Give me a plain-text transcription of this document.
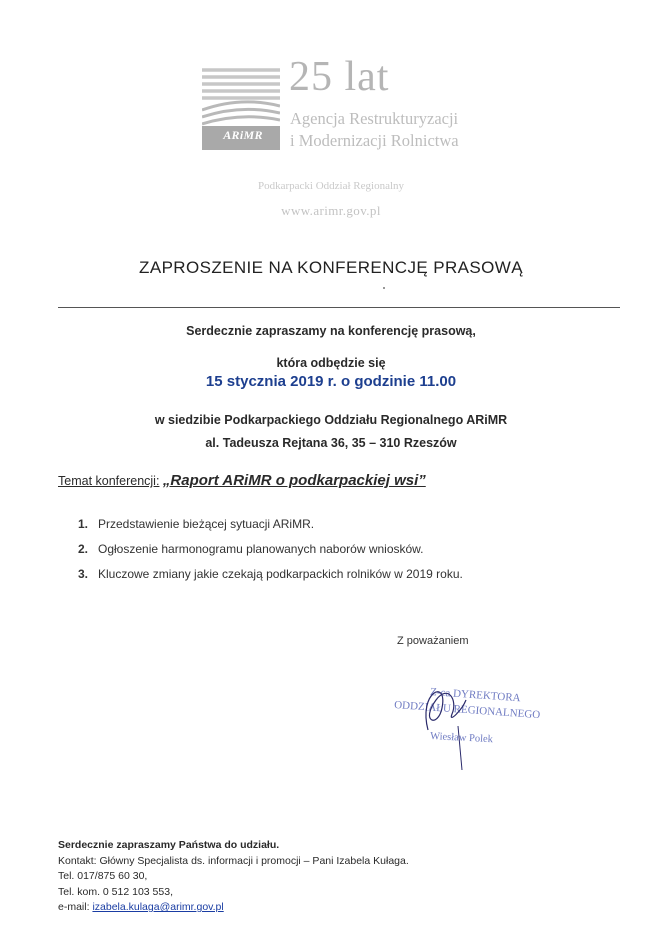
ARiMR
25 lat
Agencja Restrukturyzacji
i Modernizacji Rolnictwa
Podkarpacki Oddział Regionalny
www.arimr.gov.pl
ZAPROSZENIE NA KONFERENCJĘ PRASOWĄ
Serdecznie zapraszamy na konferencję prasową,
która odbędzie się
15 stycznia 2019 r. o godzinie 11.00
w siedzibie Podkarpackiego Oddziału Regionalnego ARiMR
al. Tadeusza Rejtana 36, 35 – 310 Rzeszów
Temat konferencji: „Raport ARiMR o podkarpackiej wsi”
1. Przedstawienie bieżącej sytuacji ARiMR.
2. Ogłoszenie harmonogramu planowanych naborów wniosków.
3. Kluczowe zmiany jakie czekają podkarpackich rolników w 2019 roku.
Z poważaniem
Z-ca DYREKTORA
ODDZIAŁU REGIONALNEGO
Wiesław Polek
Serdecznie zapraszamy Państwa do udziału.
Kontakt: Główny Specjalista ds. informacji i promocji – Pani Izabela Kułaga.
Tel. 017/875 60 30,
Tel. kom. 0 512 103 553,
e-mail: izabela.kulaga@arimr.gov.pl
